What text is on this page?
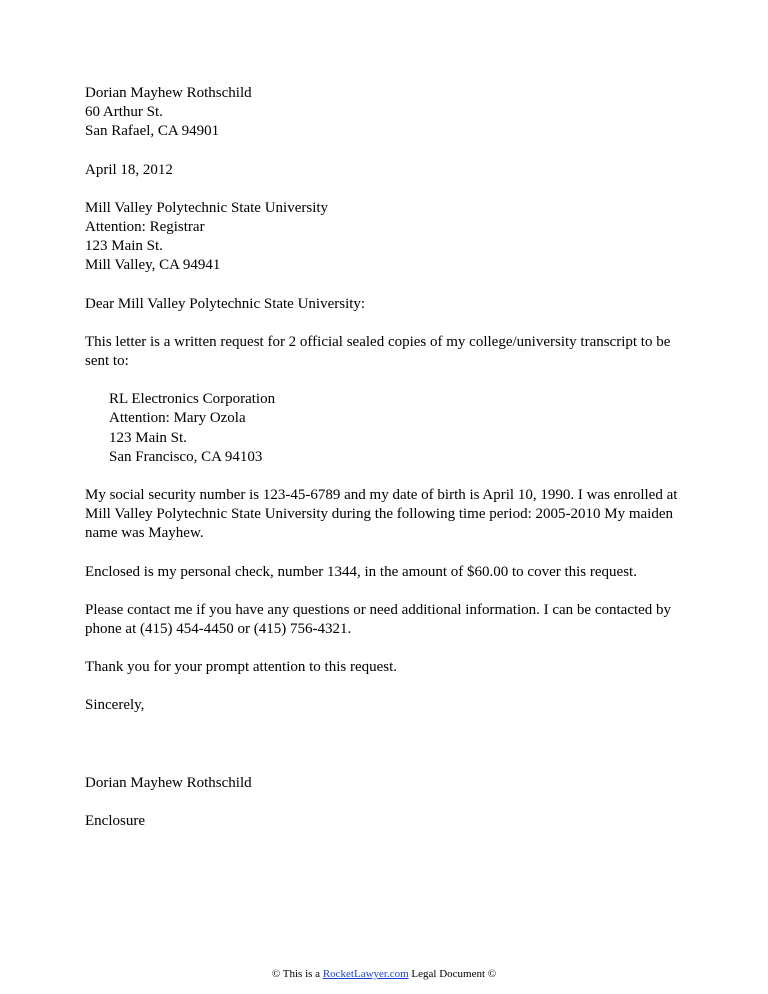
Dorian Mayhew Rothschild
60 Arthur St.
San Rafael, CA 94901
April 18, 2012
Mill Valley Polytechnic State University
Attention: Registrar
123 Main St.
Mill Valley, CA 94941
Dear Mill Valley Polytechnic State University:
This letter is a written request for 2 official sealed copies of my college/university transcript to be sent to:
RL Electronics Corporation
Attention: Mary Ozola
123 Main St.
San Francisco, CA 94103
My social security number is 123-45-6789 and my date of birth is April 10, 1990. I was enrolled at Mill Valley Polytechnic State University during the following time period: 2005-2010 My maiden name was Mayhew.
Enclosed is my personal check, number 1344, in the amount of $60.00 to cover this request.
Please contact me if you have any questions or need additional information. I can be contacted by phone at (415) 454-4450 or (415) 756-4321.
Thank you for your prompt attention to this request.
Sincerely,
Dorian Mayhew Rothschild
Enclosure
© This is a RocketLawyer.com Legal Document ©
